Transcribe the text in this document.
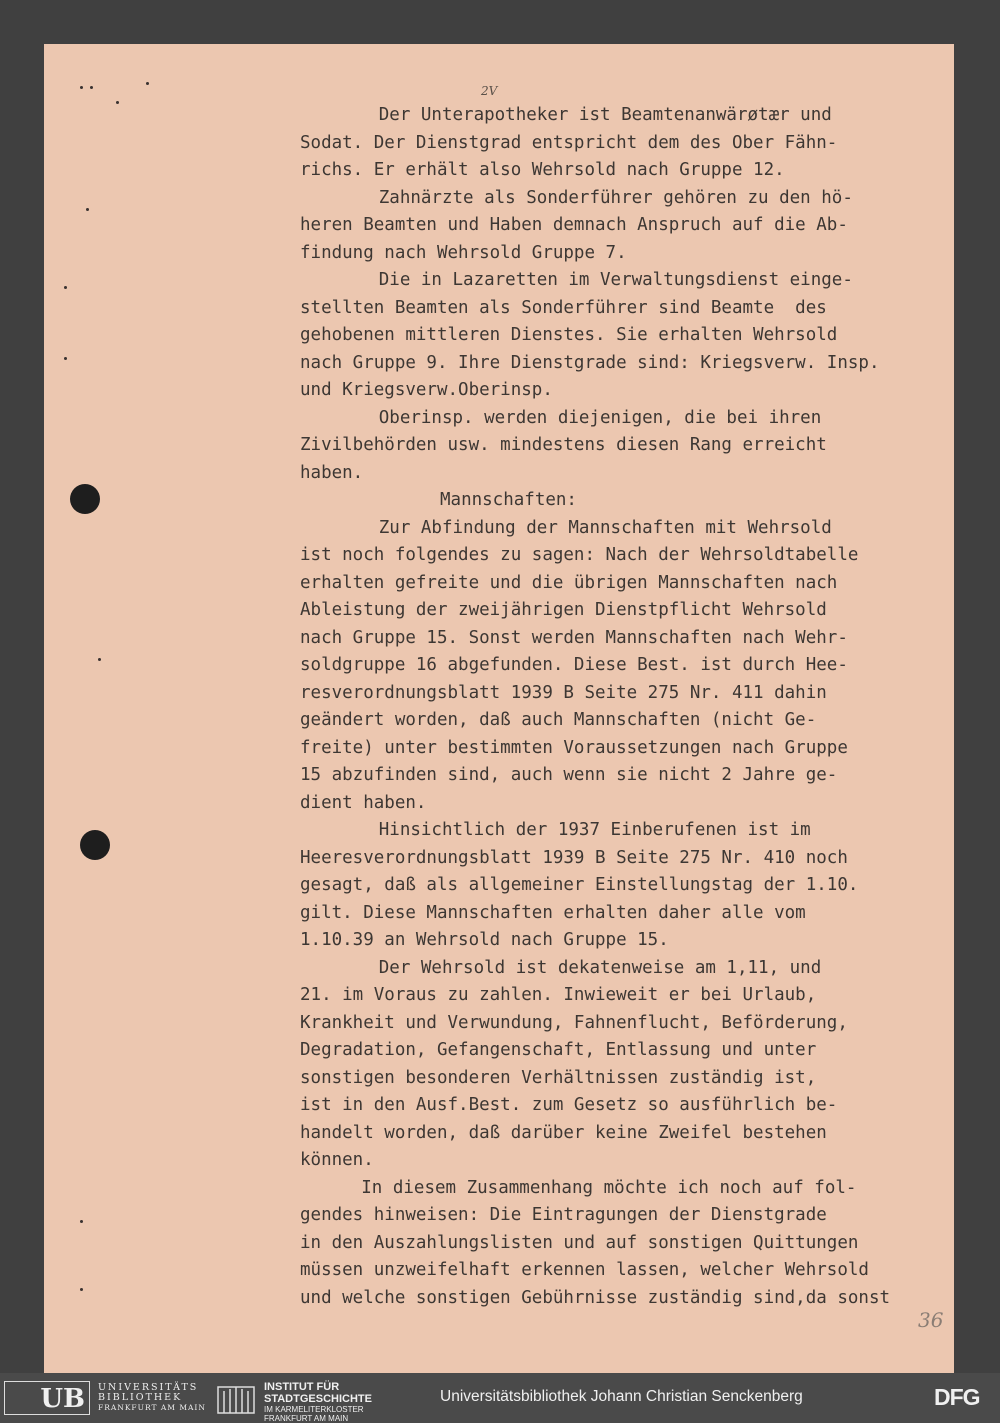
2V
Der Unterapotheker ist Beamtenanwärøtær und
Sodat. Der Dienstgrad entspricht dem des Ober Fähn-
richs. Er erhält also Wehrsold nach Gruppe 12.
Zahnärzte als Sonderführer gehören zu den hö-
heren Beamten und Haben demnach Anspruch auf die Ab-
findung nach Wehrsold Gruppe 7.
Die in Lazaretten im Verwaltungsdienst einge-
stellten Beamten als Sonderführer sind Beamte  des
gehobenen mittleren Dienstes. Sie erhalten Wehrsold
nach Gruppe 9. Ihre Dienstgrade sind: Kriegsverw. Insp.
und Kriegsverw.Oberinsp.
Oberinsp. werden diejenigen, die bei ihren
Zivilbehörden usw. mindestens diesen Rang erreicht
haben.
Mannschaften:
Zur Abfindung der Mannschaften mit Wehrsold
ist noch folgendes zu sagen: Nach der Wehrsoldtabelle
erhalten gefreite und die übrigen Mannschaften nach
Ableistung der zweijährigen Dienstpflicht Wehrsold
nach Gruppe 15. Sonst werden Mannschaften nach Wehr-
soldgruppe 16 abgefunden. Diese Best. ist durch Hee-
resverordnungsblatt 1939 B Seite 275 Nr. 411 dahin
geändert worden, daß auch Mannschaften (nicht Ge-
freite) unter bestimmten Voraussetzungen nach Gruppe
15 abzufinden sind, auch wenn sie nicht 2 Jahre ge-
dient haben.
Hinsichtlich der 1937 Einberufenen ist im
Heeresverordnungsblatt 1939 B Seite 275 Nr. 410 noch
gesagt, daß als allgemeiner Einstellungstag der 1.10.
gilt. Diese Mannschaften erhalten daher alle vom
1.10.39 an Wehrsold nach Gruppe 15.
Der Wehrsold ist dekatenweise am 1,11, und
21. im Voraus zu zahlen. Inwieweit er bei Urlaub,
Krankheit und Verwundung, Fahnenflucht, Beförderung,
Degradation, Gefangenschaft, Entlassung und unter
sonstigen besonderen Verhältnissen zuständig ist,
ist in den Ausf.Best. zum Gesetz so ausführlich be-
handelt worden, daß darüber keine Zweifel bestehen
können.
In diesem Zusammenhang möchte ich noch auf fol-
gendes hinweisen: Die Eintragungen der Dienstgrade
in den Auszahlungslisten und auf sonstigen Quittungen
müssen unzweifelhaft erkennen lassen, welcher Wehrsold
und welche sonstigen Gebührnisse zuständig sind,da sonst
36
UB	UNIVERSITÄTS
BIBLIOTHEK
FRANKFURT AM MAIN
INSTITUT FÜR
STADTGESCHICHTE
IM KARMELITERKLOSTER
FRANKFURT AM MAIN
Universitätsbibliothek Johann Christian Senckenberg	DFG
